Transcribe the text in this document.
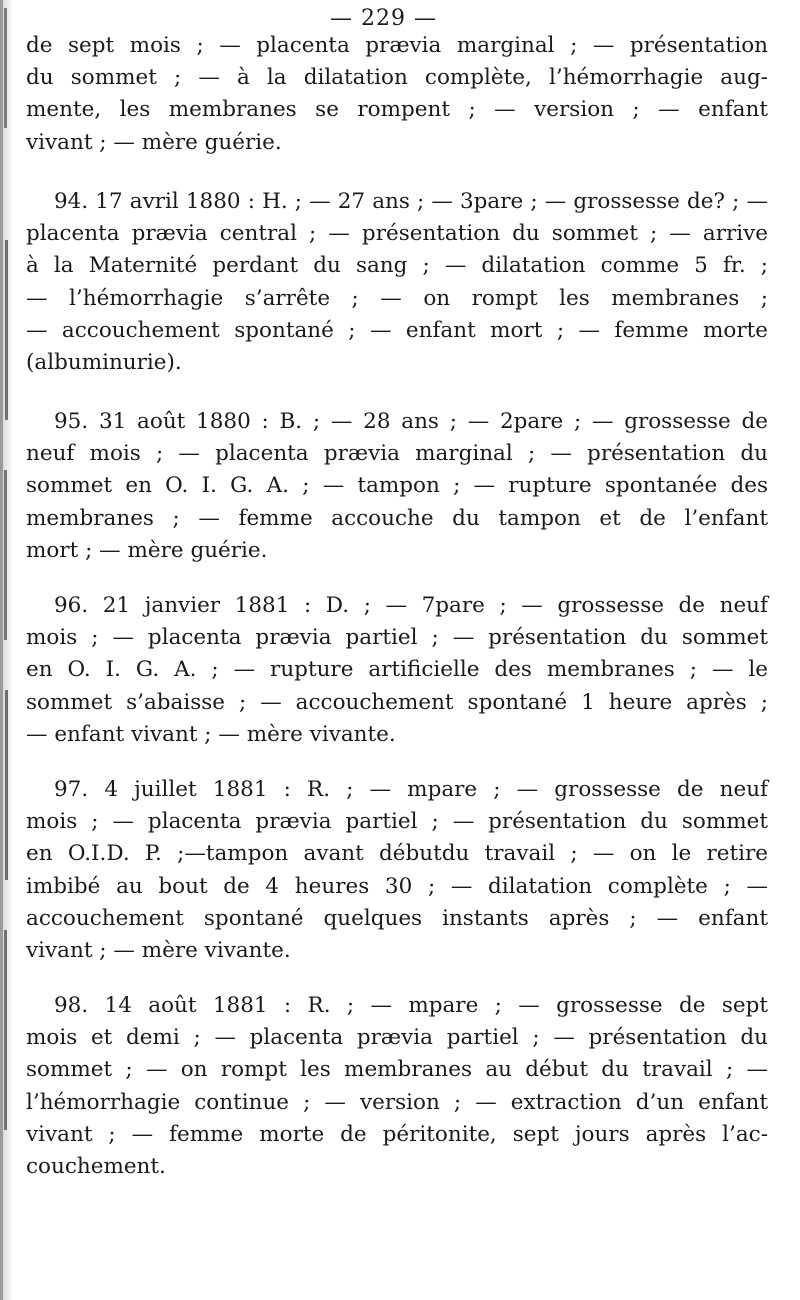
— 229 —
de sept mois ; — placenta prævia marginal ; — présentation
du sommet ; — à la dilatation complète, l’hémorrhagie aug-
mente, les membranes se rompent ; — version ; — enfant
vivant ; — mère guérie.
94. 17 avril 1880 : H. ; — 27 ans ; — 3pare ; — grossesse de? ; —
placenta prævia central ; — présentation du sommet ; — arrive
à la Maternité perdant du sang ; — dilatation comme 5 fr. ;
— l’hémorrhagie s’arrête ; — on rompt les membranes ;
— accouchement spontané ; — enfant mort ; — femme morte
(albuminurie).
95. 31 août 1880 : B. ; — 28 ans ; — 2pare ; — grossesse de
neuf mois ; — placenta prævia marginal ; — présentation du
sommet en O. I. G. A. ; — tampon ; — rupture spontanée des
membranes ; — femme accouche du tampon et de l’enfant
mort ; — mère guérie.
96. 21 janvier 1881 : D. ; — 7pare ; — grossesse de neuf
mois ; — placenta prævia partiel ; — présentation du sommet
en O. I. G. A. ; — rupture artificielle des membranes ; — le
sommet s’abaisse ; — accouchement spontané 1 heure après ;
— enfant vivant ; — mère vivante.
97. 4 juillet 1881 : R. ; — mpare ; — grossesse de neuf
mois ; — placenta prævia partiel ; — présentation du sommet
en O.I.D. P. ;—tampon avant débutdu travail ; — on le retire
imbibé au bout de 4 heures 30 ; — dilatation complète ; —
accouchement spontané quelques instants après ; — enfant
vivant ; — mère vivante.
98. 14 août 1881 : R. ; — mpare ; — grossesse de sept
mois et demi ; — placenta prævia partiel ; — présentation du
sommet ; — on rompt les membranes au début du travail ; —
l’hémorrhagie continue ; — version ; — extraction d’un enfant
vivant ; — femme morte de péritonite, sept jours après l’ac-
couchement.
